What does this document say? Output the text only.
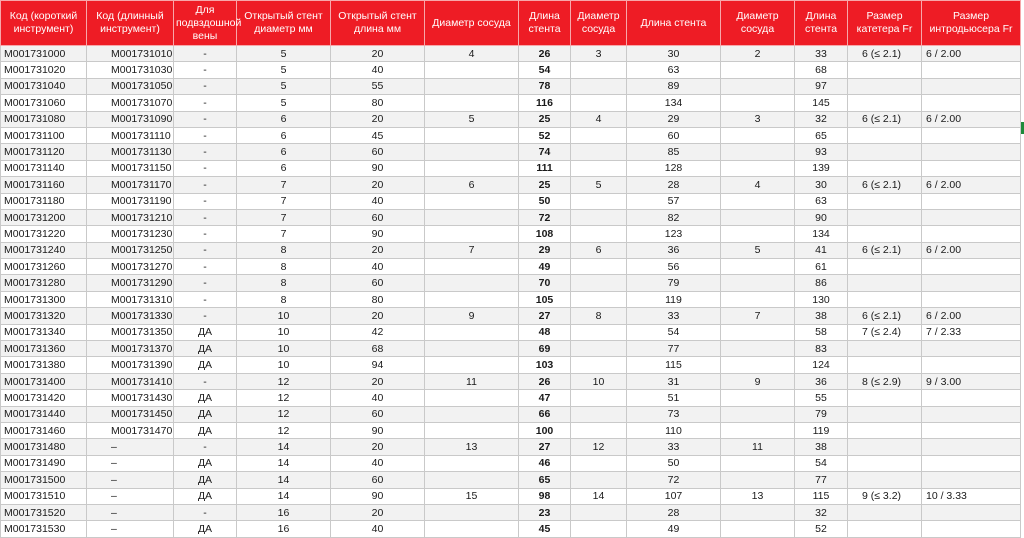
Код (короткий инструмент)	Код (длинный инструмент)	Для подвздошной вены	Открытый стент диаметр мм	Открытый стент длина мм	Диаметр сосуда	Длина стента	Диаметр сосуда	Длина стента	Диаметр сосуда	Длина стента	Размер катетера Fr	Размер интродьюсера Fr
M001731000	M001731010	-	5	20	4	26	3	30	2	33	6 (≤ 2.1)	6 / 2.00
M001731020	M001731030	-	5	40		54		63		68		
M001731040	M001731050	-	5	55		78		89		97		
M001731060	M001731070	-	5	80		116		134		145		
M001731080	M001731090	-	6	20	5	25	4	29	3	32	6 (≤ 2.1)	6 / 2.00
M001731100	M001731110	-	6	45		52		60		65		
M001731120	M001731130	-	6	60		74		85		93		
M001731140	M001731150	-	6	90		111		128		139		
M001731160	M001731170	-	7	20	6	25	5	28	4	30	6 (≤ 2.1)	6 / 2.00
M001731180	M001731190	-	7	40		50		57		63		
M001731200	M001731210	-	7	60		72		82		90		
M001731220	M001731230	-	7	90		108		123		134		
M001731240	M001731250	-	8	20	7	29	6	36	5	41	6 (≤ 2.1)	6 / 2.00
M001731260	M001731270	-	8	40		49		56		61		
M001731280	M001731290	-	8	60		70		79		86		
M001731300	M001731310	-	8	80		105		119		130		
M001731320	M001731330	-	10	20	9	27	8	33	7	38	6 (≤ 2.1)	6 / 2.00
M001731340	M001731350	ДА	10	42		48		54		58	7 (≤ 2.4)	7 / 2.33
M001731360	M001731370	ДА	10	68		69		77		83		
M001731380	M001731390	ДА	10	94		103		115		124		
M001731400	M001731410	-	12	20	11	26	10	31	9	36	8 (≤ 2.9)	9 / 3.00
M001731420	M001731430	ДА	12	40		47		51		55		
M001731440	M001731450	ДА	12	60		66		73		79		
M001731460	M001731470	ДА	12	90		100		110		119		
M001731480	–	-	14	20	13	27	12	33	11	38		
M001731490	–	ДА	14	40		46		50		54		
M001731500	–	ДА	14	60		65		72		77		
M001731510	–	ДА	14	90	15	98	14	107	13	115	9 (≤ 3.2)	10 / 3.33
M001731520	–	-	16	20		23		28		32		
M001731530	–	ДА	16	40		45		49		52		
